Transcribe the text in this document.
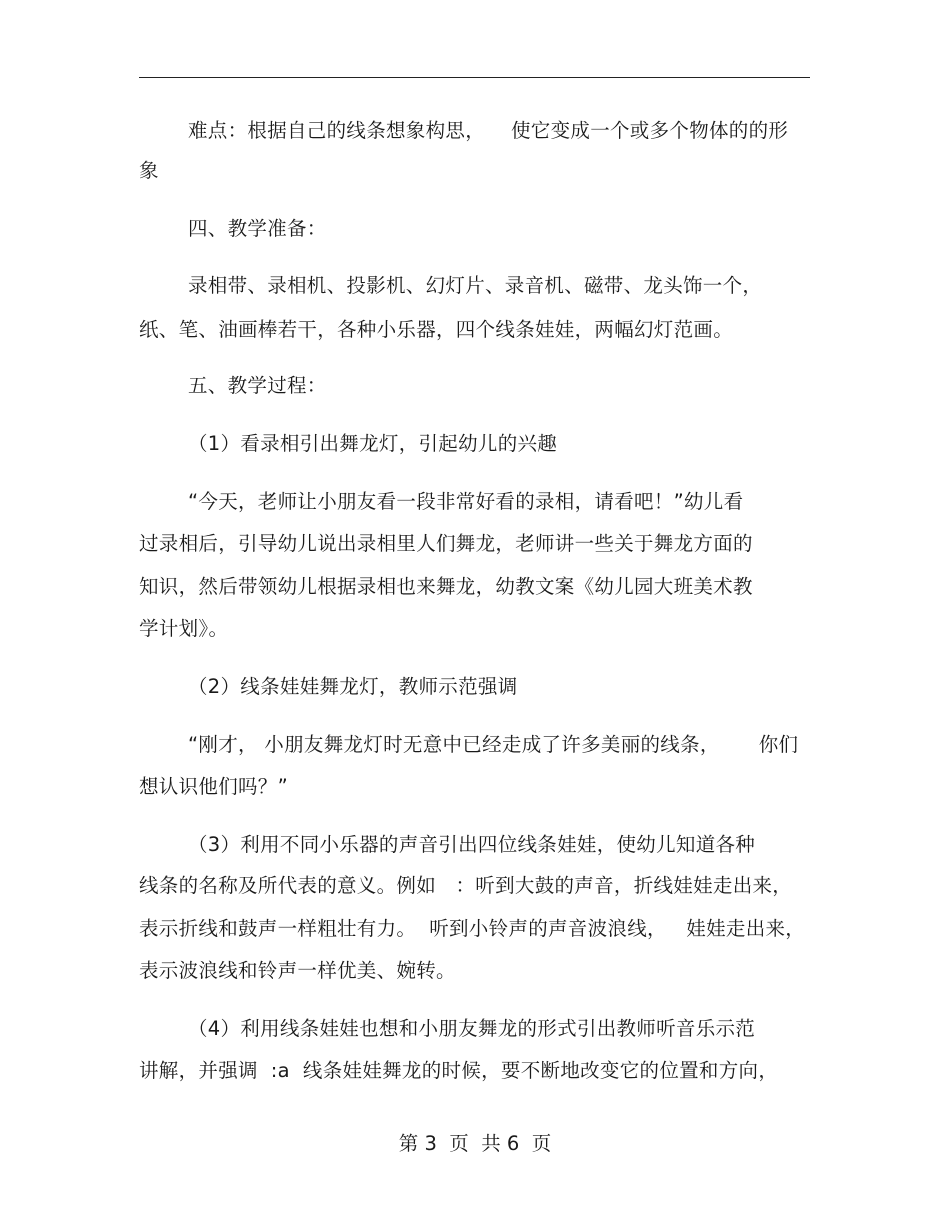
难点：根据自己的线条想象构思，    使它变成一个或多个物体的的形
象
四、教学准备：
录相带、录相机、投影机、幻灯片、录音机、磁带、龙头饰一个，
纸、笔、油画棒若干，各种小乐器，四个线条娃娃，两幅幻灯范画。
五、教学过程：
（1）看录相引出舞龙灯，引起幼儿的兴趣
“今天，老师让小朋友看一段非常好看的录相，请看吧！”幼儿看
过录相后，引导幼儿说出录相里人们舞龙，老师讲一些关于舞龙方面的
知识，然后带领幼儿根据录相也来舞龙，幼教文案《幼儿园大班美术教
学计划》。
（2）线条娃娃舞龙灯，教师示范强调
“刚才， 小朋友舞龙灯时无意中已经走成了许多美丽的线条，      你们
想认识他们吗？”
（3）利用不同小乐器的声音引出四位线条娃娃，使幼儿知道各种
线条的名称及所代表的意义。例如   ：听到大鼓的声音，折线娃娃走出来，
表示折线和鼓声一样粗壮有力。  听到小铃声的声音波浪线，   娃娃走出来，
表示波浪线和铃声一样优美、婉转。
（4）利用线条娃娃也想和小朋友舞龙的形式引出教师听音乐示范
讲解，并强调  :a  线条娃娃舞龙的时候，要不断地改变它的位置和方向，
第 3  页  共 6  页
